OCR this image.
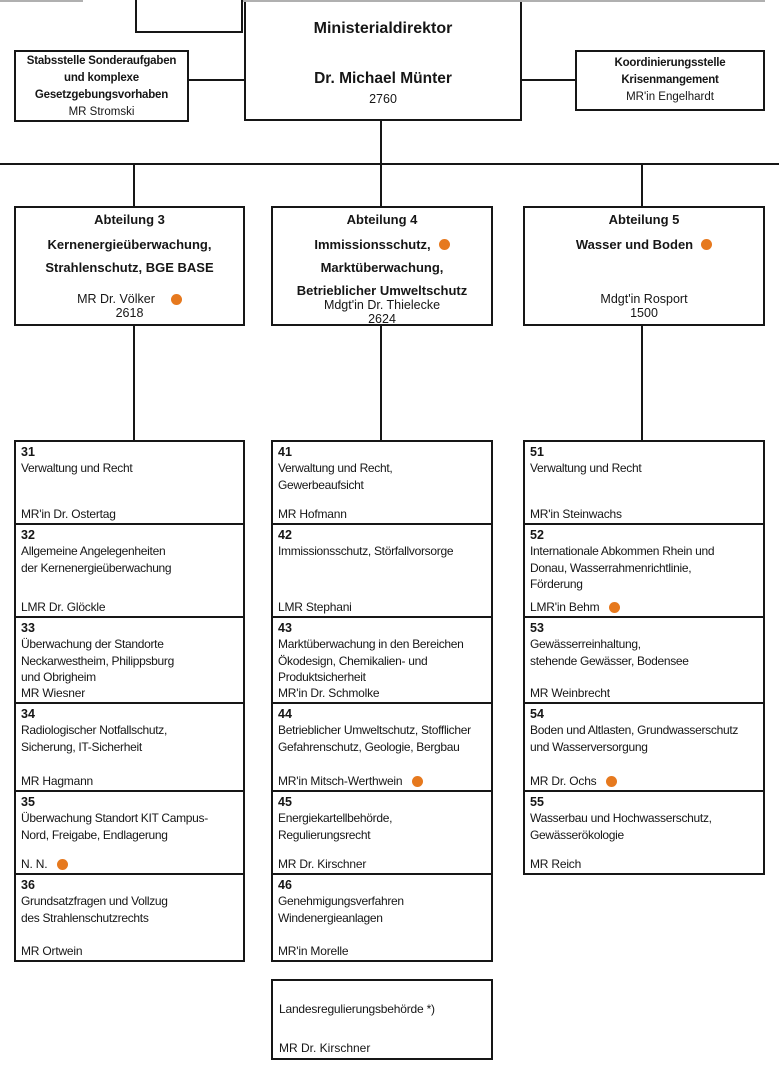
Ministerialdirektor
Dr. Michael Münter
2760
Stabsstelle Sonderaufgaben
und komplexe
Gesetzgebungsvorhaben
MR Stromski
Koordinierungsstelle
Krisenmangement
MR'in Engelhardt
Abteilung 3
Kernenergieüberwachung,
Strahlenschutz, BGE BASE
MR Dr. Völker
2618
Abteilung 4
Immissionsschutz,
Marktüberwachung,
Betrieblicher Umweltschutz
Mdgt'in Dr. Thielecke
2624
Abteilung 5
Wasser und Boden
Mdgt'in Rosport
1500
31
Verwaltung und Recht
MR'in Dr. Ostertag
32
Allgemeine Angelegenheiten
der Kernenergieüberwachung
LMR Dr. Glöckle
33
Überwachung der Standorte
Neckarwestheim, Philippsburg
und Obrigheim
MR Wiesner
34
Radiologischer Notfallschutz,
Sicherung, IT-Sicherheit
MR Hagmann
35
Überwachung Standort KIT Campus-
Nord, Freigabe, Endlagerung
N. N.
36
Grundsatzfragen und Vollzug
des Strahlenschutzrechts
MR Ortwein
41
Verwaltung und Recht,
Gewerbeaufsicht
MR Hofmann
42
Immissionsschutz, Störfallvorsorge
LMR Stephani
43
Marktüberwachung in den Bereichen
Ökodesign, Chemikalien- und
Produktsicherheit
MR'in Dr. Schmolke
44
Betrieblicher Umweltschutz, Stofflicher
Gefahrenschutz, Geologie, Bergbau
MR'in Mitsch-Werthwein
45
Energiekartellbehörde,
Regulierungsrecht
MR Dr. Kirschner
46
Genehmigungsverfahren
Windenergieanlagen
MR'in Morelle
51
Verwaltung und Recht
MR'in Steinwachs
52
Internationale Abkommen Rhein und
Donau, Wasserrahmenrichtlinie,
Förderung
LMR'in Behm
53
Gewässerreinhaltung,
stehende Gewässer, Bodensee
MR Weinbrecht
54
Boden und Altlasten, Grundwasserschutz
und Wasserversorgung
MR Dr. Ochs
55
Wasserbau und Hochwasserschutz,
Gewässerökologie
MR Reich
Landesregulierungsbehörde *)
MR Dr. Kirschner
